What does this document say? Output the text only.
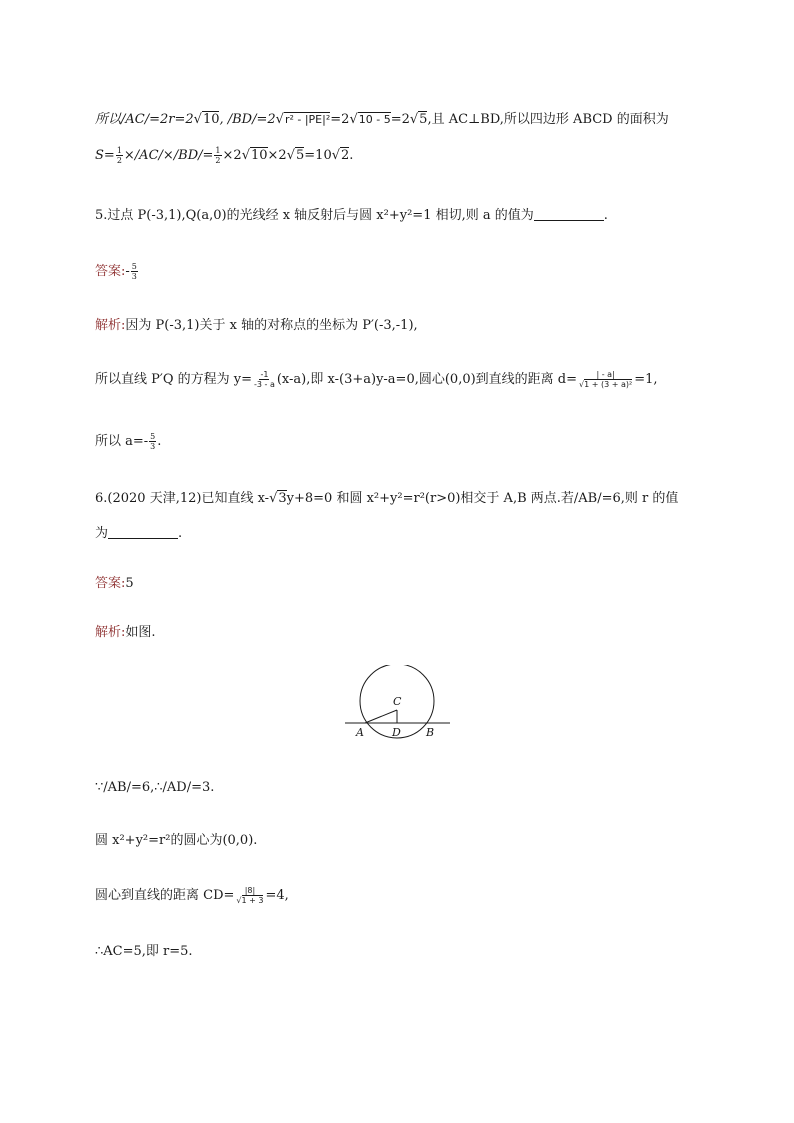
所以/AC/=2r=2√10, /BD/=2√r² - |PE|²=2√10 - 5=2√5,且 AC⊥BD,所以四边形 ABCD 的面积为
$S= \frac{1}{2} \times/AC/\times/BD/= \frac{1}{2} \times 2√10\times 2√5=10√2$.
5.过点 P(-3,1),Q(a,0)的光线经 x 轴反射后与圆 x²+y²=1 相切,则 a 的值为	.
答案:- $\frac{5}{3}$
解析:因为 P(-3,1)关于 x 轴的对称点的坐标为 P′(-3,-1),
所以直线 P′Q 的方程为 $y= \frac{-1}{-3 - a} (x-a)$,即 x-(3+a)y-a=0,圆心(0,0)到直线的距离 $d= \frac{| - a|}{\text{√1 + (3 + a)²}} =1$,
所以 $a=- \frac{5}{3}$ .
6.(2020 天津,12)已知直线 x-√3y+8=0 和圆 x²+y²=r²(r>0)相交于 A,B 两点.若/AB/=6,则 r 的值
为	.
答案:5
解析:如图.
C
A	D B
∵/AB/=6,∴/AD/=3.
圆 x²+y²=r²的圆心为(0,0).
圆心到直线的距离 $CD= \frac{|8|}{√1 + 3} =4$,
∴AC=5,即 r=5.
